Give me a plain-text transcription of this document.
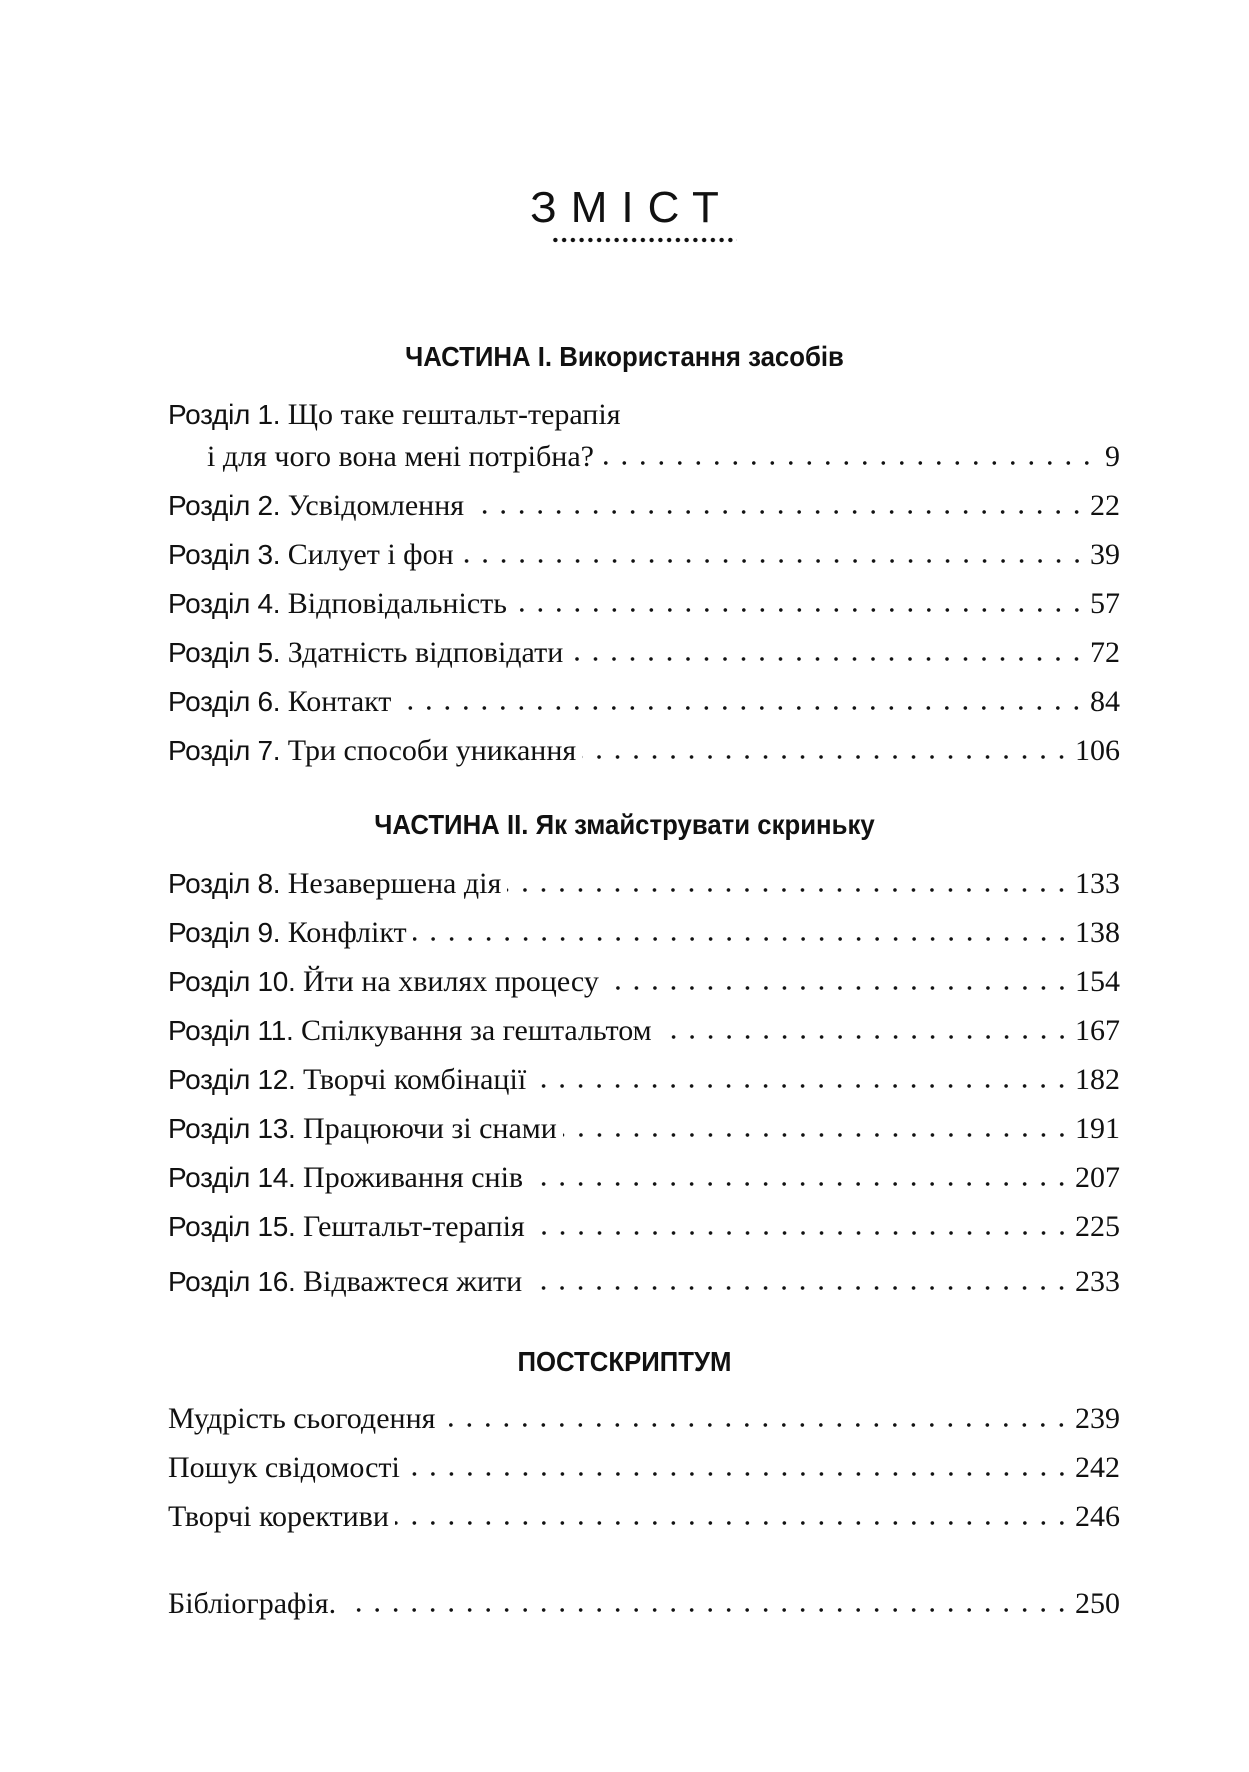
ЗМІСТ
ЧАСТИНА I. Використання засобів
Розділ 1. Що таке гештальт-терапія
і для чого вона мені потрібна?	9
Розділ 2. Усвідомлення	22
Розділ 3. Силует і фон	39
Розділ 4. Відповідальність	57
Розділ 5. Здатність відповідати	72
Розділ 6. Контакт	84
Розділ 7. Три способи уникання	106
ЧАСТИНА II. Як змайструвати скриньку
Розділ 8. Незавершена дія	133
Розділ 9. Конфлікт	138
Розділ 10. Йти на хвилях процесу	154
Розділ 11. Спілкування за гештальтом	167
Розділ 12. Творчі комбінації	182
Розділ 13. Працюючи зі снами	191
Розділ 14. Проживання снів	207
Розділ 15. Гештальт-терапія	225
Розділ 16. Відважтеся жити	233
ПОСТСКРИПТУМ
Мудрість сьогодення	239
Пошук свідомості	242
Творчі корективи	246
Бібліографія.	250
